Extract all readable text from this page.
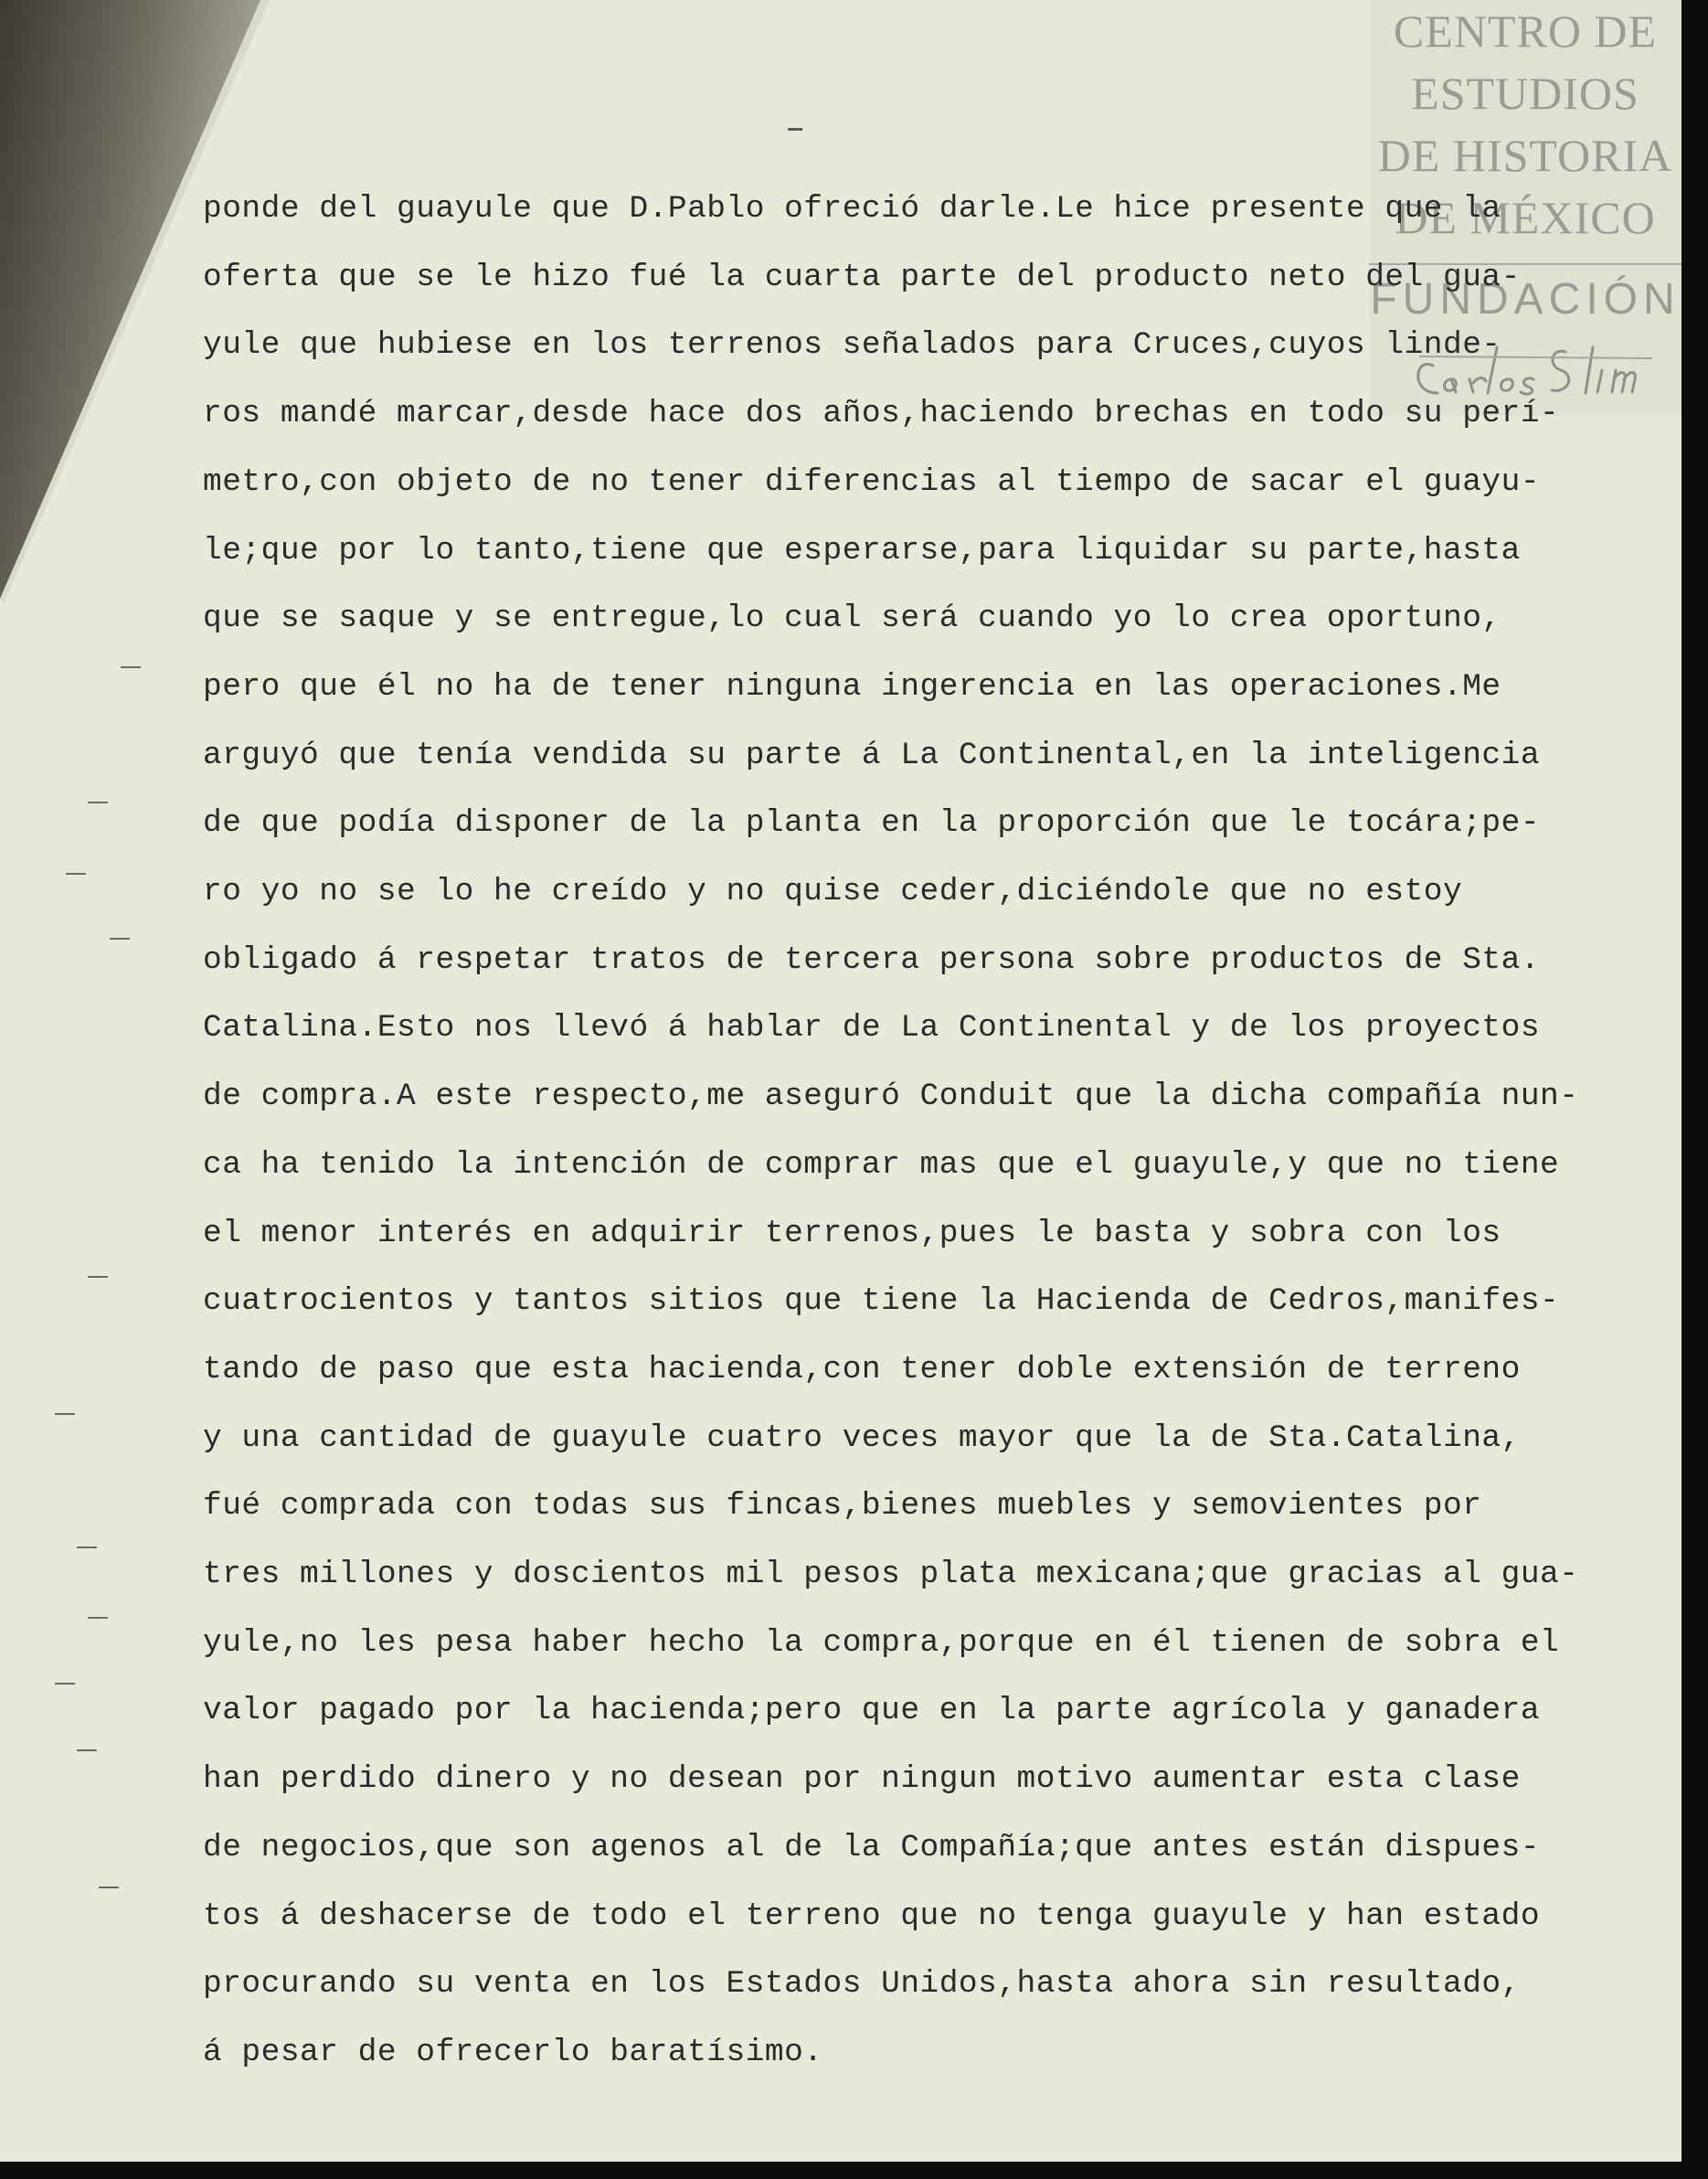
CENTRO DE
ESTUDIOS
DE HISTORIA
DE MÉXICO
FUNDACIÓN
ponde del guayule que D.Pablo ofreció darle.Le hice presente que la
oferta que se le hizo fué la cuarta parte del producto neto del gua-
yule que hubiese en los terrenos señalados para Cruces,cuyos linde-
ros mandé marcar,desde hace dos años,haciendo brechas en todo su perí-
metro,con objeto de no tener diferencias al tiempo de sacar el guayu-
le;que por lo tanto,tiene que esperarse,para liquidar su parte,hasta
que se saque y se entregue,lo cual será cuando yo lo crea oportuno,
pero que él no ha de tener ninguna ingerencia en las operaciones.Me
arguyó que tenía vendida su parte á La Continental,en la inteligencia
de que podía disponer de la planta en la proporción que le tocára;pe-
ro yo no se lo he creído y no quise ceder,diciéndole que no estoy
obligado á respetar tratos de tercera persona sobre productos de Sta.
Catalina.Esto nos llevó á hablar de La Continental y de los proyectos
de compra.A este respecto,me aseguró Conduit que la dicha compañía nun-
ca ha tenido la intención de comprar mas que el guayule,y que no tiene
el menor interés en adquirir terrenos,pues le basta y sobra con los
cuatrocientos y tantos sitios que tiene la Hacienda de Cedros,manifes-
tando de paso que esta hacienda,con tener doble extensión de terreno
y una cantidad de guayule cuatro veces mayor que la de Sta.Catalina,
fué comprada con todas sus fincas,bienes muebles y semovientes por
tres millones y doscientos mil pesos plata mexicana;que gracias al gua-
yule,no les pesa haber hecho la compra,porque en él tienen de sobra el
valor pagado por la hacienda;pero que en la parte agrícola y ganadera
han perdido dinero y no desean por ningun motivo aumentar esta clase
de negocios,que son agenos al de la Compañía;que antes están dispues-
tos á deshacerse de todo el terreno que no tenga guayule y han estado
procurando su venta en los Estados Unidos,hasta ahora sin resultado,
á pesar de ofrecerlo baratísimo.
